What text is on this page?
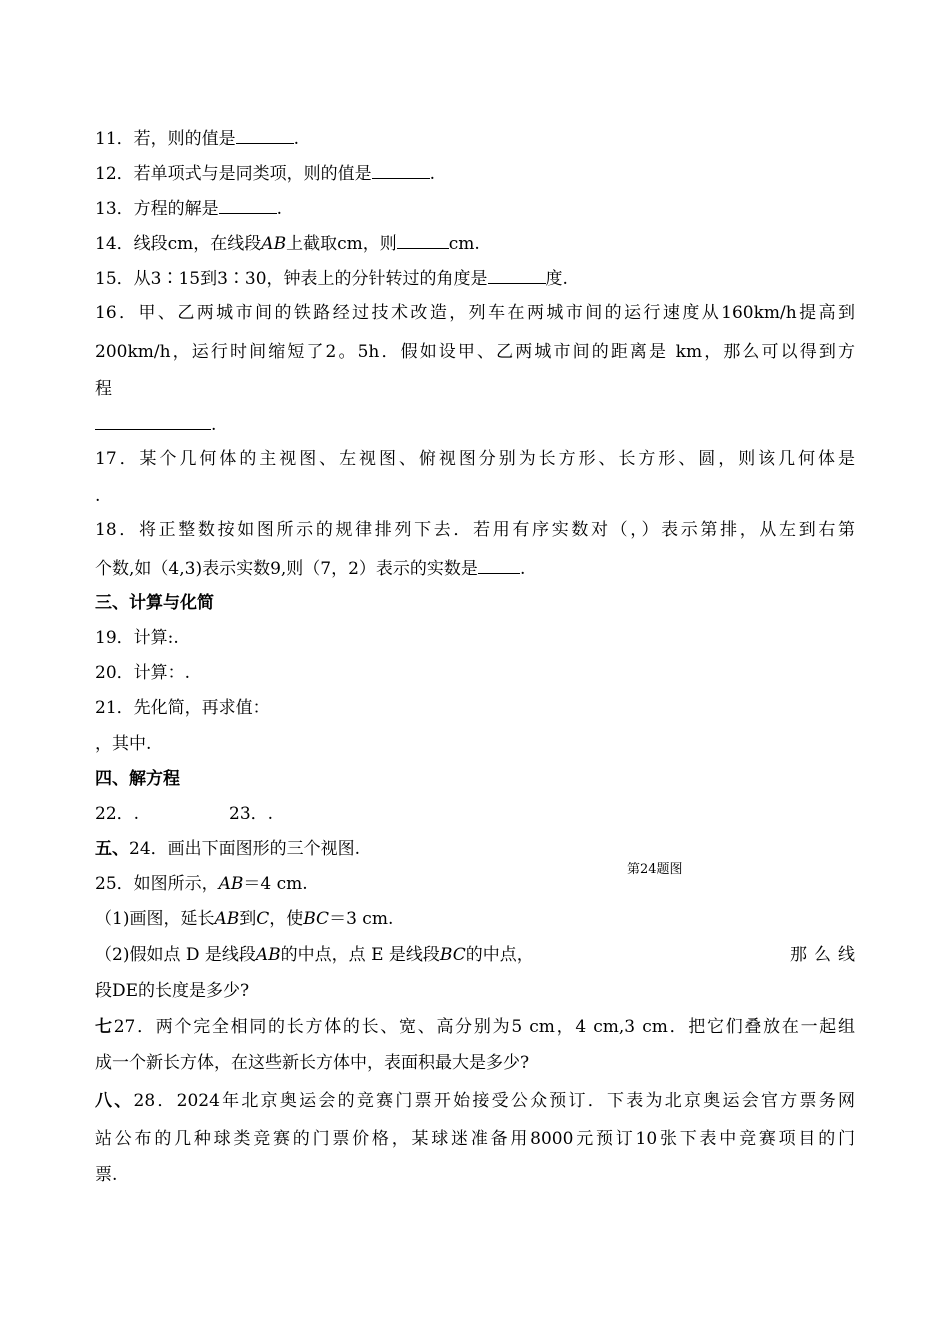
11．若，则的值是	.
12．若单项式与是同类项，则的值是	.
13．方程的解是	.
14．线段cm，在线段AB上截取cm，则	cm.
15．从3∶15到3∶30，钟表上的分针转过的角度是	度.
16．甲、乙两城市间的铁路经过技术改造，列车在两城市间的运行速度从160km/h提高到
200km/h，运行时间缩短了2。5h．假如设甲、乙两城市间的距离是 km，那么可以得到方
程
.
17．某个几何体的主视图、左视图、俯视图分别为长方形、长方形、圆，则该几何体是
.
18．将正整数按如图所示的规律排列下去．若用有序实数对（，）表示第排，从左到右第
个数,如（4,3)表示实数9,则（7，2）表示的实数是 .
三、计算与化简
19．计算:.
20．计算：.
21．先化简，再求值：
，其中.
四、解方程
22．.	23．.
五、24．画出下面图形的三个视图.
第24题图
25．如图所示，AB＝4 cm.
（1)画图，延长AB到C，使BC＝3 cm.
（2)假如点 D 是线段AB的中点，点 E 是线段BC的中点，	那么线
段DE的长度是多少?
七27．两个完全相同的长方体的长、宽、高分别为5 cm，4 cm,3 cm．把它们叠放在一起组
成一个新长方体，在这些新长方体中，表面积最大是多少?
八、28．2024年北京奥运会的竞赛门票开始接受公众预订．下表为北京奥运会官方票务网
站公布的几种球类竞赛的门票价格，某球迷准备用8000元预订10张下表中竞赛项目的门
票.
